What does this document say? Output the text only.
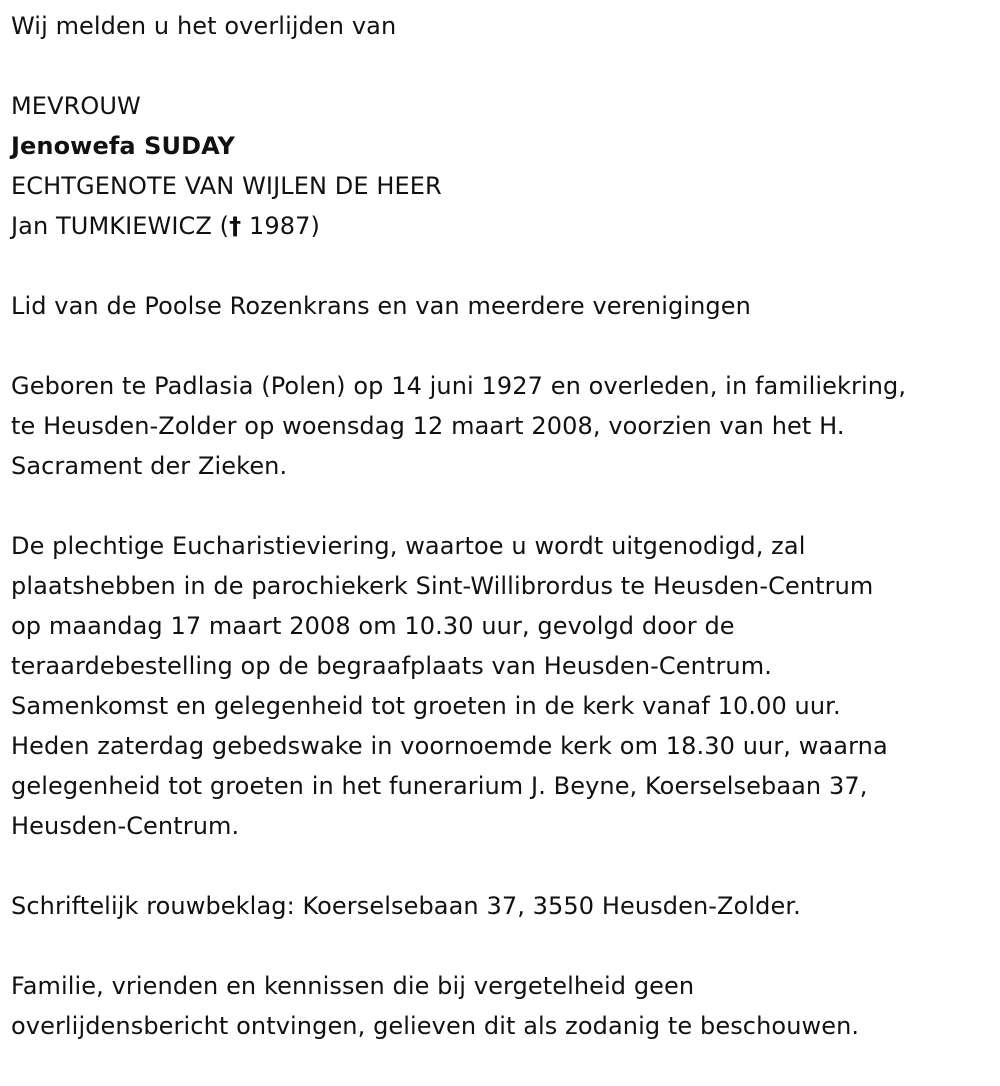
Wij melden u het overlijden van
MEVROUW
Jenowefa SUDAY
ECHTGENOTE VAN WIJLEN DE HEER
Jan TUMKIEWICZ († 1987)
Lid van de Poolse Rozenkrans en van meerdere verenigingen
Geboren te Padlasia (Polen) op 14 juni 1927 en overleden, in familiekring,
te Heusden-Zolder op woensdag 12 maart 2008, voorzien van het H.
Sacrament der Zieken.
De plechtige Eucharistieviering, waartoe u wordt uitgenodigd, zal
plaatshebben in de parochiekerk Sint-Willibrordus te Heusden-Centrum
op maandag 17 maart 2008 om 10.30 uur, gevolgd door de
teraardebestelling op de begraafplaats van Heusden-Centrum.
Samenkomst en gelegenheid tot groeten in de kerk vanaf 10.00 uur.
Heden zaterdag gebedswake in voornoemde kerk om 18.30 uur, waarna
gelegenheid tot groeten in het funerarium J. Beyne, Koerselsebaan 37,
Heusden-Centrum.
Schriftelijk rouwbeklag: Koerselsebaan 37, 3550 Heusden-Zolder.
Familie, vrienden en kennissen die bij vergetelheid geen
overlijdensbericht ontvingen, gelieven dit als zodanig te beschouwen.
